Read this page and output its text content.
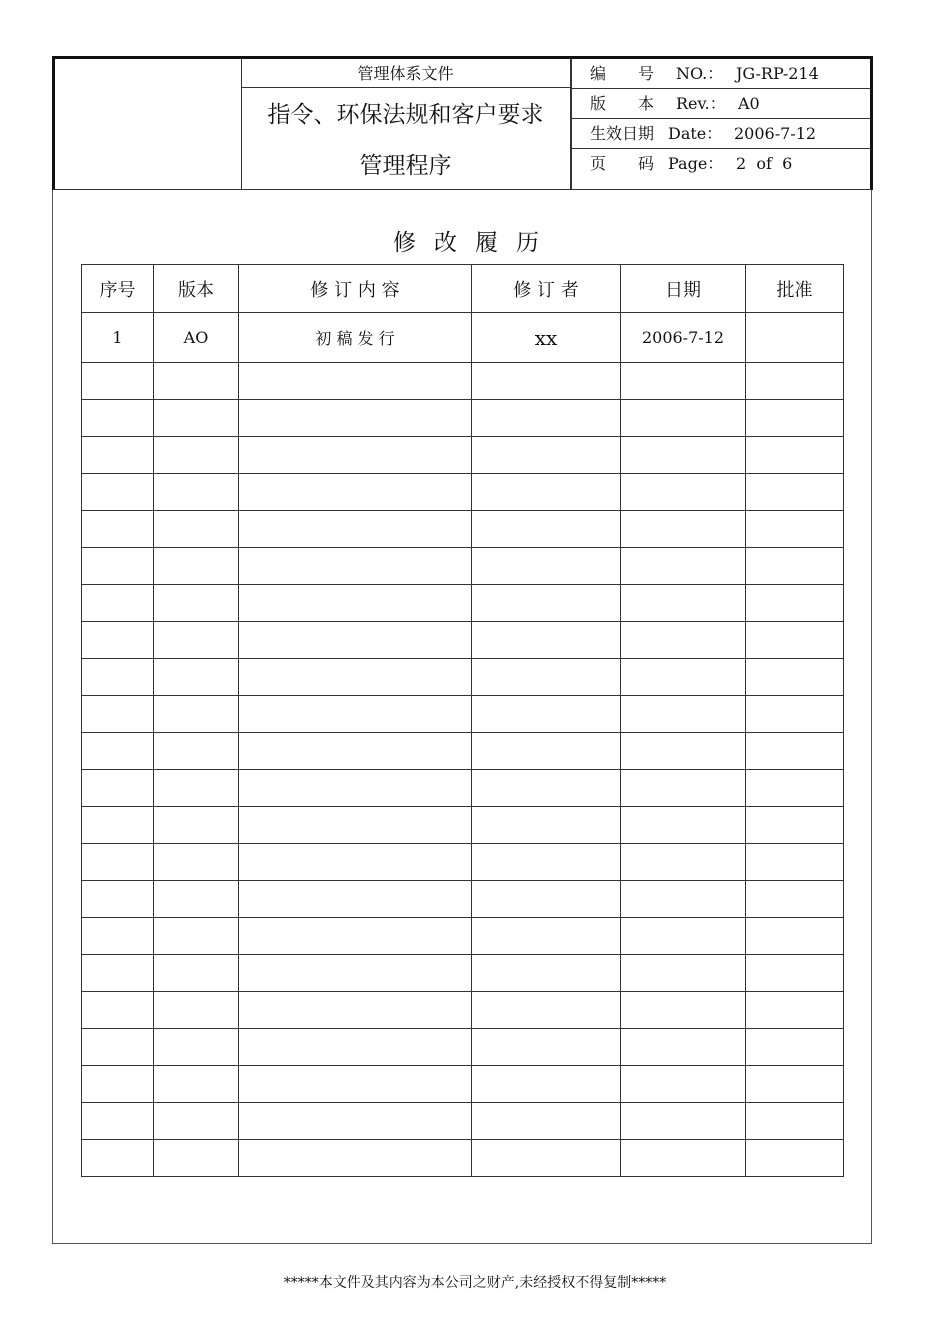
管理体系文件
指令、环保法规和客户要求
管理程序
编　　号 NO.： JG-RP-214
版　　本 Rev.： A0
生效日期 Date： 2006-7-12
页　　码 Page： 2  of  6
修改履历
序号	版本	修 订 内 容	修 订 者	日期	批准
1	AO	初 稿 发 行	xx	2006-7-12	

*****本文件及其内容为本公司之财产,未经授权不得复制*****
